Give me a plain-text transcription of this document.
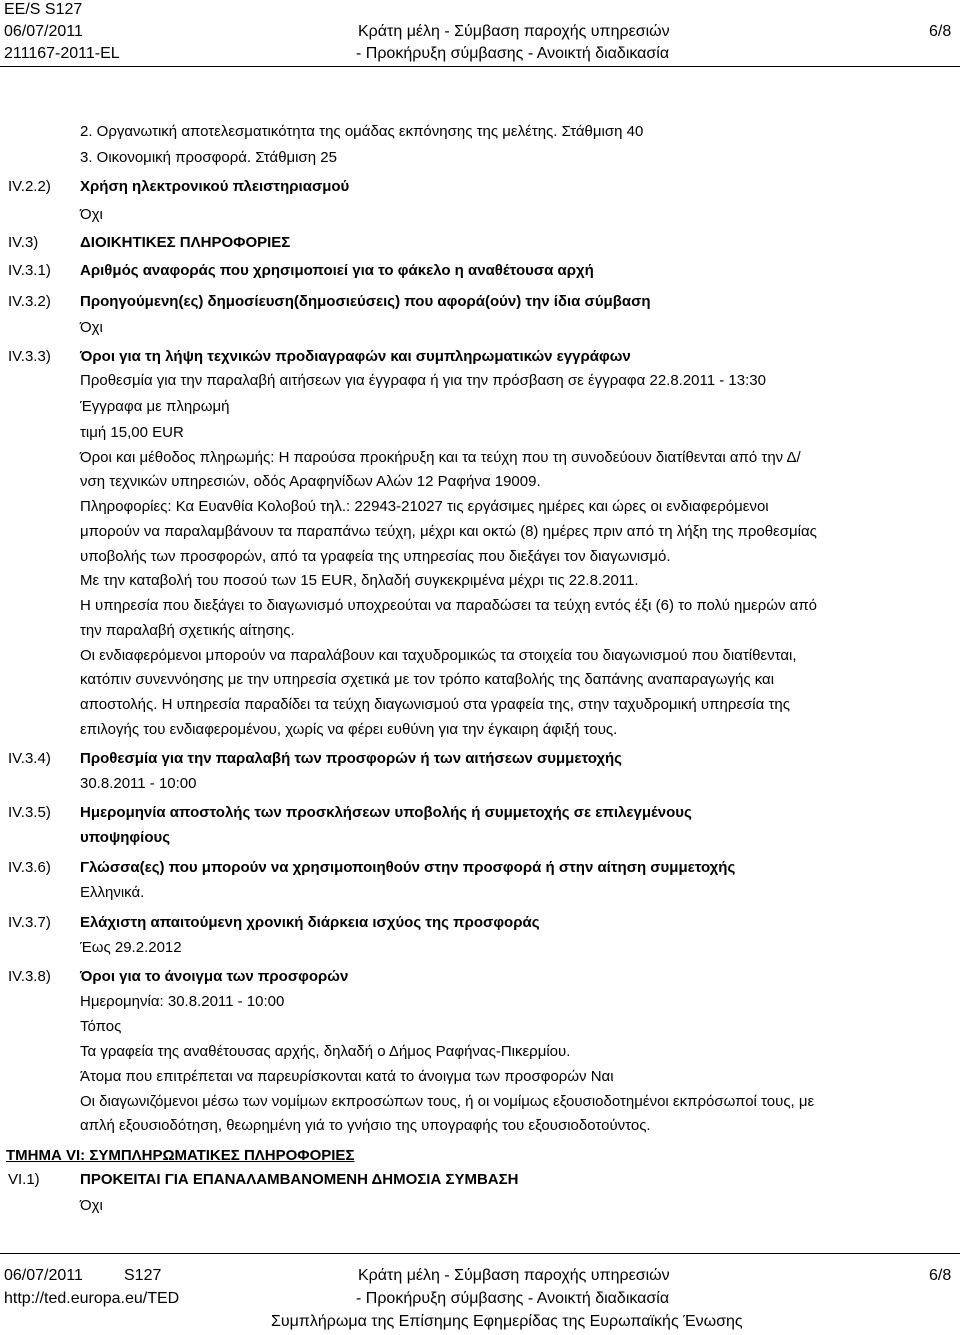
EE/S S127
06/07/2011
211167-2011-EL
Κράτη μέλη - Σύμβαση παροχής υπηρεσιών
- Προκήρυξη σύμβασης - Ανοικτή διαδικασία
6/8
2. Οργανωτική αποτελεσματικότητα της ομάδας εκπόνησης της μελέτης. Στάθμιση 40
3. Οικονομική προσφορά. Στάθμιση 25
IV.2.2) Χρήση ηλεκτρονικού πλειστηριασμού
Όχι
IV.3)	ΔΙΟΙΚΗΤΙΚΕΣ ΠΛΗΡΟΦΟΡΙΕΣ
IV.3.1) Αριθμός αναφοράς που χρησιμοποιεί για το φάκελο η αναθέτουσα αρχή
IV.3.2) Προηγούμενη(ες) δημοσίευση(δημοσιεύσεις) που αφορά(ούν) την ίδια σύμβαση
Όχι
IV.3.3) Όροι για τη λήψη τεχνικών προδιαγραφών και συμπληρωματικών εγγράφων
Προθεσμία για την παραλαβή αιτήσεων για έγγραφα ή για την πρόσβαση σε έγγραφα 22.8.2011 - 13:30
Έγγραφα με πληρωμή
τιμή 15,00 EUR
Όροι και μέθοδος πληρωμής: Η παρούσα προκήρυξη και τα τεύχη που τη συνοδεύουν διατίθενται από την Δ/
νση τεχνικών υπηρεσιών, οδός Αραφηνίδων Αλών 12 Ραφήνα 19009.
Πληροφορίες: Κα Ευανθία Κολοβού τηλ.: 22943-21027 τις εργάσιμες ημέρες και ώρες οι ενδιαφερόμενοι
μπορούν να παραλαμβάνουν τα παραπάνω τεύχη, μέχρι και οκτώ (8) ημέρες πριν από τη λήξη της προθεσμίας
υποβολής των προσφορών, από τα γραφεία της υπηρεσίας που διεξάγει τον διαγωνισμό.
Με την καταβολή του ποσού των 15 EUR, δηλαδή συγκεκριμένα μέχρι τις 22.8.2011.
Η υπηρεσία που διεξάγει το διαγωνισμό υποχρεούται να παραδώσει τα τεύχη εντός έξι (6) το πολύ ημερών από
την παραλαβή σχετικής αίτησης.
Οι ενδιαφερόμενοι μπορούν να παραλάβουν και ταχυδρομικώς τα στοιχεία του διαγωνισμού που διατίθενται,
κατόπιν συνεννόησης με την υπηρεσία σχετικά με τον τρόπο καταβολής της δαπάνης αναπαραγωγής και
αποστολής. Η υπηρεσία παραδίδει τα τεύχη διαγωνισμού στα γραφεία της, στην ταχυδρομική υπηρεσία της
επιλογής του ενδιαφερομένου, χωρίς να φέρει ευθύνη για την έγκαιρη άφιξή τους.
IV.3.4) Προθεσμία για την παραλαβή των προσφορών ή των αιτήσεων συμμετοχής
30.8.2011 - 10:00
IV.3.5) Ημερομηνία αποστολής των προσκλήσεων υποβολής ή συμμετοχής σε επιλεγμένους
υποψηφίους
IV.3.6) Γλώσσα(ες) που μπορούν να χρησιμοποιηθούν στην προσφορά ή στην αίτηση συμμετοχής
Ελληνικά.
IV.3.7) Ελάχιστη απαιτούμενη χρονική διάρκεια ισχύος της προσφοράς
Έως 29.2.2012
IV.3.8) Όροι για το άνοιγμα των προσφορών
Ημερομηνία: 30.8.2011 - 10:00
Τόπος
Τα γραφεία της αναθέτουσας αρχής, δηλαδή ο Δήμος Ραφήνας-Πικερμίου.
Άτομα που επιτρέπεται να παρευρίσκονται κατά το άνοιγμα των προσφορών Ναι
Οι διαγωνιζόμενοι μέσω των νομίμων εκπροσώπων τους, ή οι νομίμως εξουσιοδοτημένοι εκπρόσωποί τους, με
απλή εξουσιοδότηση, θεωρημένη γιά το γνήσιο της υπογραφής του εξουσιοδοτούντος.
ΤΜΗΜΑ VI: ΣΥΜΠΛΗΡΩΜΑΤΙΚΕΣ ΠΛΗΡΟΦΟΡΙΕΣ
VI.1)	ΠΡΟΚΕΙΤΑΙ ΓΙΑ ΕΠΑΝΑΛΑΜΒΑΝΟΜΕΝΗ ΔΗΜΟΣΙΑ ΣΥΜΒΑΣΗ
Όχι
06/07/2011	S127
http://ted.europa.eu/TED
Κράτη μέλη - Σύμβαση παροχής υπηρεσιών
- Προκήρυξη σύμβασης - Ανοικτή διαδικασία
Συμπλήρωμα της Επίσημης Εφημερίδας της Ευρωπαϊκής Ένωσης
6/8
